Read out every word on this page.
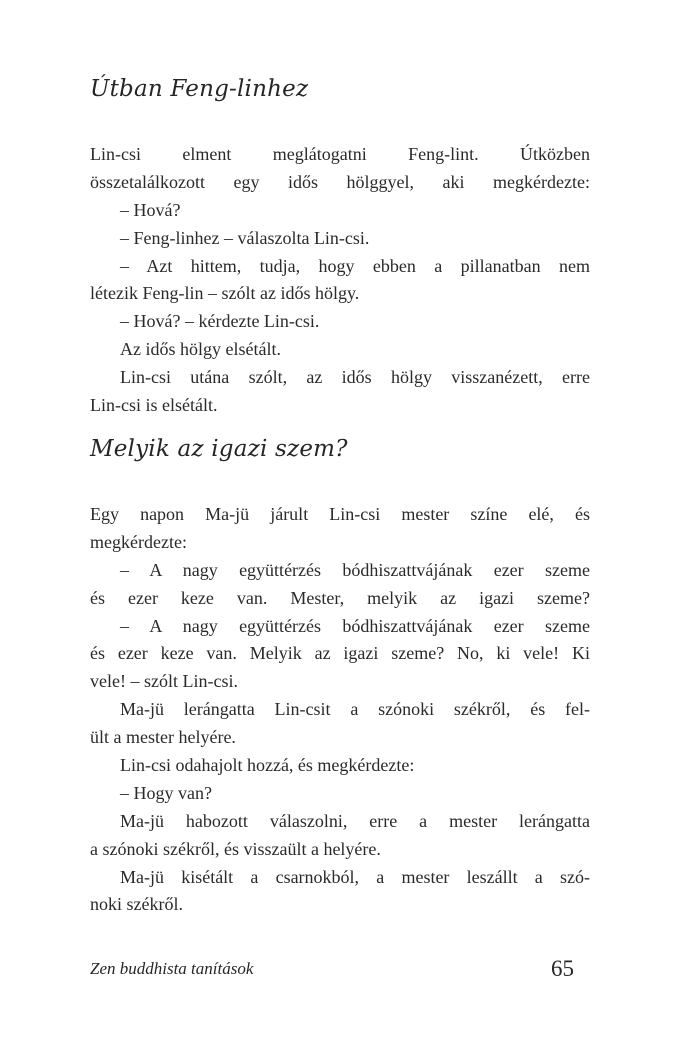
Útban Feng-linhez
Lin-csi elment meglátogatni Feng-lint. Útközben
összetalálkozott egy idős hölggyel, aki megkérdezte:
– Hová?
– Feng-linhez – válaszolta Lin-csi.
– Azt hittem, tudja, hogy ebben a pillanatban nem
létezik Feng-lin – szólt az idős hölgy.
– Hová? – kérdezte Lin-csi.
Az idős hölgy elsétált.
Lin-csi utána szólt, az idős hölgy visszanézett, erre
Lin-csi is elsétált.
Melyik az igazi szem?
Egy napon Ma-jü járult Lin-csi mester színe elé, és
megkérdezte:
– A nagy együttérzés bódhiszattvájának ezer szeme
és ezer keze van. Mester, melyik az igazi szeme?
– A nagy együttérzés bódhiszattvájának ezer szeme
és ezer keze van. Melyik az igazi szeme? No, ki vele! Ki
vele! – szólt Lin-csi.
Ma-jü lerángatta Lin-csit a szónoki székről, és fel-
ült a mester helyére.
Lin-csi odahajolt hozzá, és megkérdezte:
– Hogy van?
Ma-jü habozott válaszolni, erre a mester lerángatta
a szónoki székről, és visszaült a helyére.
Ma-jü kisétált a csarnokból, a mester leszállt a szó-
noki székről.
Zen buddhista tanítások	65
